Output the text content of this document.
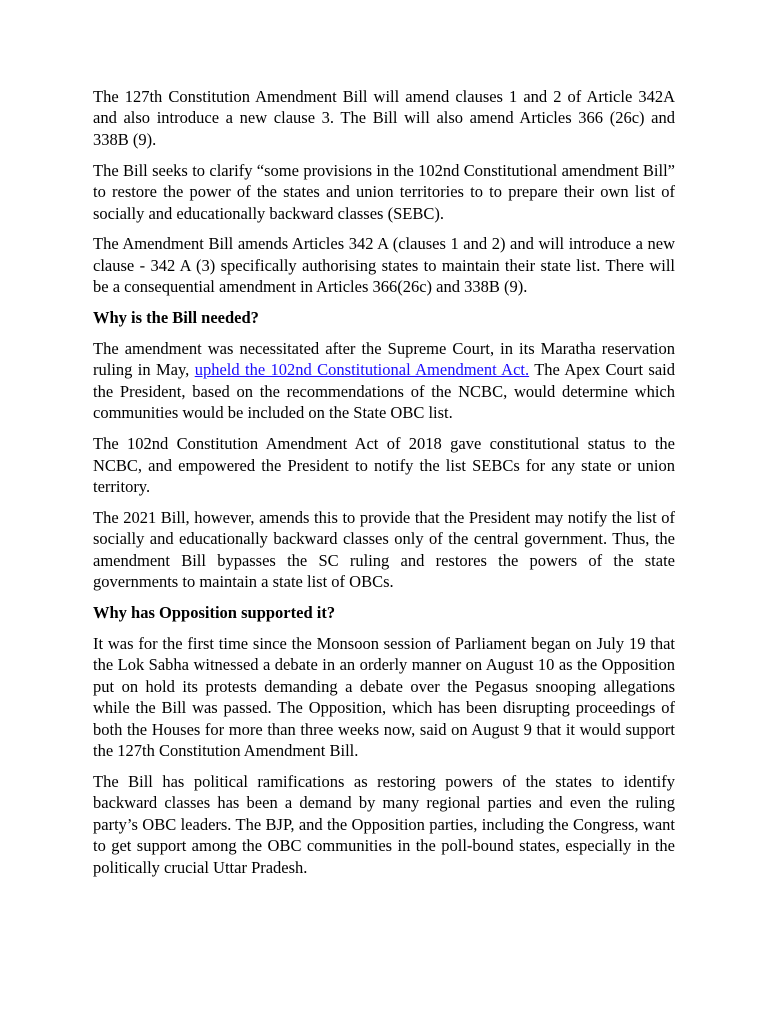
The 127th Constitution Amendment Bill will amend clauses 1 and 2 of Article 342A and also introduce a new clause 3. The Bill will also amend Articles 366 (26c) and 338B (9).

The Bill seeks to clarify “some provisions in the 102nd Constitutional amendment Bill” to restore the power of the states and union territories to to prepare their own list of socially and educationally backward classes (SEBC).

The Amendment Bill amends Articles 342 A (clauses 1 and 2) and will introduce a new clause - 342 A (3) specifically authorising states to maintain their state list. There will be a consequential amendment in Articles 366(26c) and 338B (9).

Why is the Bill needed?

The amendment was necessitated after the Supreme Court, in its Maratha reservation ruling in May, upheld the 102nd Constitutional Amendment Act. The Apex Court said the President, based on the recommendations of the NCBC, would determine which communities would be included on the State OBC list.

The 102nd Constitution Amendment Act of 2018 gave constitutional status to the NCBC, and empowered the President to notify the list SEBCs for any state or union territory.

The 2021 Bill, however, amends this to provide that the President may notify the list of socially and educationally backward classes only of the central government. Thus, the amendment Bill bypasses the SC ruling and restores the powers of the state governments to maintain a state list of OBCs.

Why has Opposition supported it?

It was for the first time since the Monsoon session of Parliament began on July 19 that the Lok Sabha witnessed a debate in an orderly manner on August 10 as the Opposition put on hold its protests demanding a debate over the Pegasus snooping allegations while the Bill was passed. The Opposition, which has been disrupting proceedings of both the Houses for more than three weeks now, said on August 9 that it would support the 127th Constitution Amendment Bill.

The Bill has political ramifications as restoring powers of the states to identify backward classes has been a demand by many regional parties and even the ruling party’s OBC leaders. The BJP, and the Opposition parties, including the Congress, want to get support among the OBC communities in the poll-bound states, especially in the politically crucial Uttar Pradesh.
